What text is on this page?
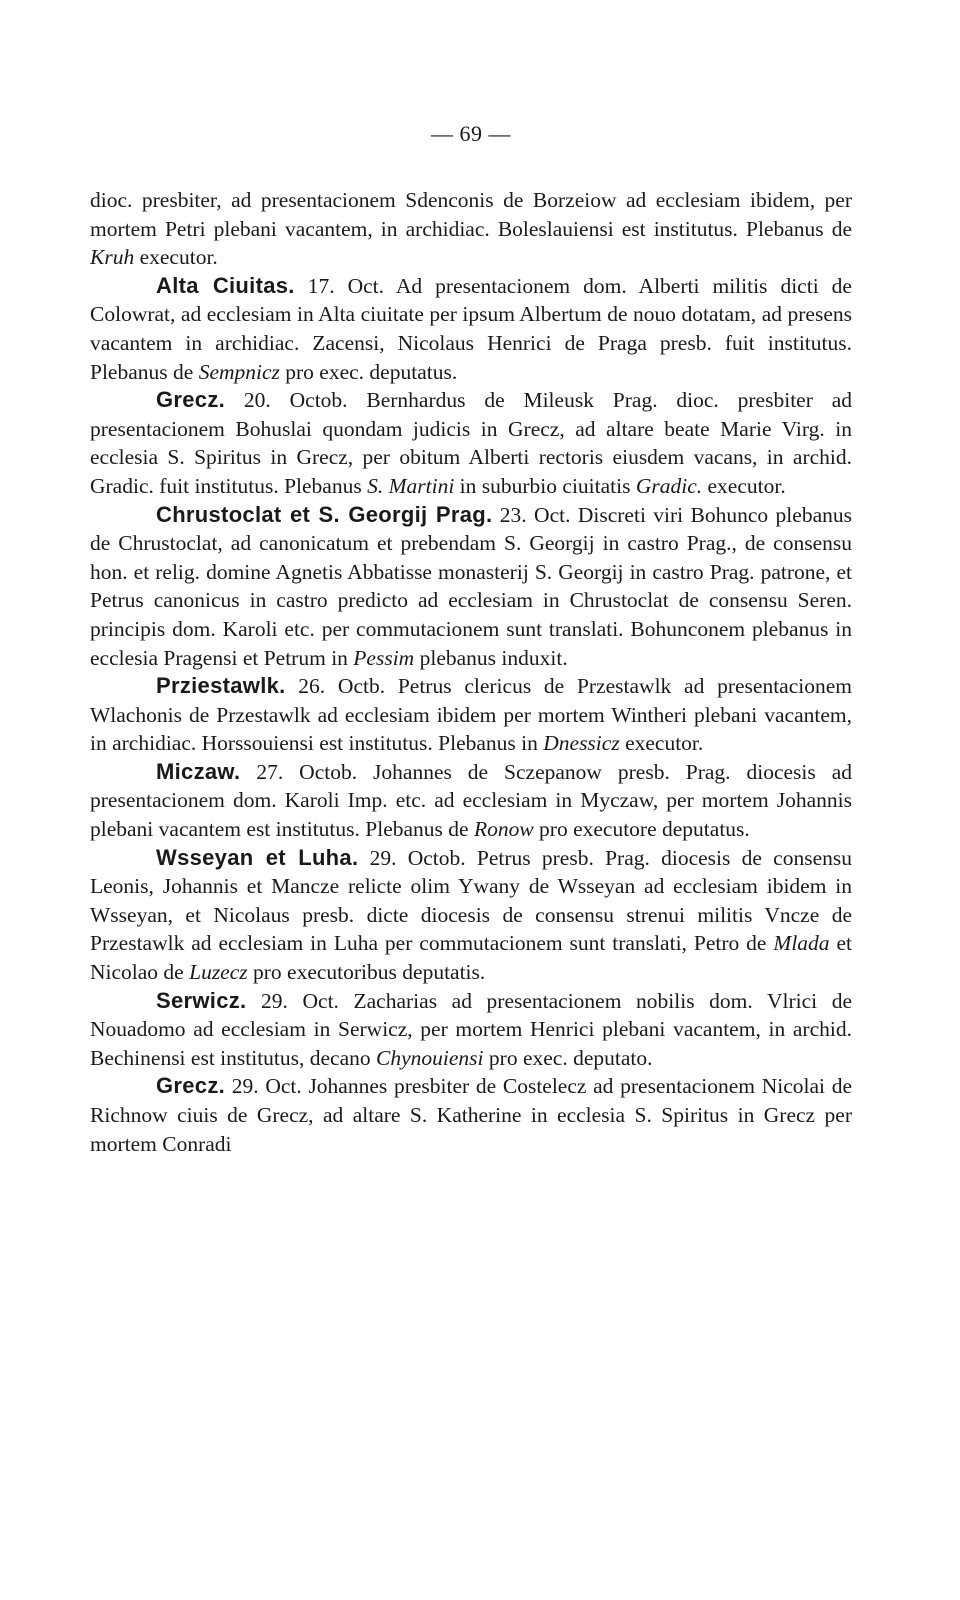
— 69 —

dioc. presbiter, ad presentacionem Sdenconis de Borzeiow ad ecclesiam ibidem, per mortem Petri plebani vacantem, in archidiac. Boleslauiensi est institutus. Plebanus de Kruh executor.

Alta Ciuitas. 17. Oct. Ad presentacionem dom. Alberti militis dicti de Colowrat, ad ecclesiam in Alta ciuitate per ipsum Albertum de nouo dotatam, ad presens vacantem in archidiac. Zacensi, Nicolaus Henrici de Praga presb. fuit institutus. Plebanus de Sempnicz pro exec. deputatus.

Grecz. 20. Octob. Bernhardus de Mileusk Prag. dioc. presbiter ad presentacionem Bohuslai quondam judicis in Grecz, ad altare beate Marie Virg. in ecclesia S. Spiritus in Grecz, per obitum Alberti rectoris eiusdem vacans, in archid. Gradic. fuit institutus. Plebanus S. Martini in suburbio ciuitatis Gradic. executor.

Chrustoclat et S. Georgij Prag. 23. Oct. Discreti viri Bohunco plebanus de Chrustoclat, ad canonicatum et prebendam S. Georgij in castro Prag., de consensu hon. et relig. domine Agnetis Abbatisse monasterij S. Georgij in castro Prag. patrone, et Petrus canonicus in castro predicto ad ecclesiam in Chrustoclat de consensu Seren. principis dom. Karoli etc. per commutacionem sunt translati. Bohunconem plebanus in ecclesia Pragensi et Petrum in Pessim plebanus induxit.

Prziestawlk. 26. Octb. Petrus clericus de Przestawlk ad presentacionem Wlachonis de Przestawlk ad ecclesiam ibidem per mortem Wintheri plebani vacantem, in archidiac. Horssouiensi est institutus. Plebanus in Dnessicz executor.

Miczaw. 27. Octob. Johannes de Sczepanow presb. Prag. diocesis ad presentacionem dom. Karoli Imp. etc. ad ecclesiam in Myczaw, per mortem Johannis plebani vacantem est institutus. Plebanus de Ronow pro executore deputatus.

Wsseyan et Luha. 29. Octob. Petrus presb. Prag. diocesis de consensu Leonis, Johannis et Mancze relicte olim Ywany de Wsseyan ad ecclesiam ibidem in Wsseyan, et Nicolaus presb. dicte diocesis de consensu strenui militis Vncze de Przestawlk ad ecclesiam in Luha per commutacionem sunt translati, Petro de Mlada et Nicolao de Luzecz pro executoribus deputatis.

Serwicz. 29. Oct. Zacharias ad presentacionem nobilis dom. Vlrici de Nouadomo ad ecclesiam in Serwicz, per mortem Henrici plebani vacantem, in archid. Bechinensi est institutus, decano Chynouiensi pro exec. deputato.

Grecz. 29. Oct. Johannes presbiter de Costelecz ad presentacionem Nicolai de Richnow ciuis de Grecz, ad altare S. Katherine in ecclesia S. Spiritus in Grecz per mortem Conradi
